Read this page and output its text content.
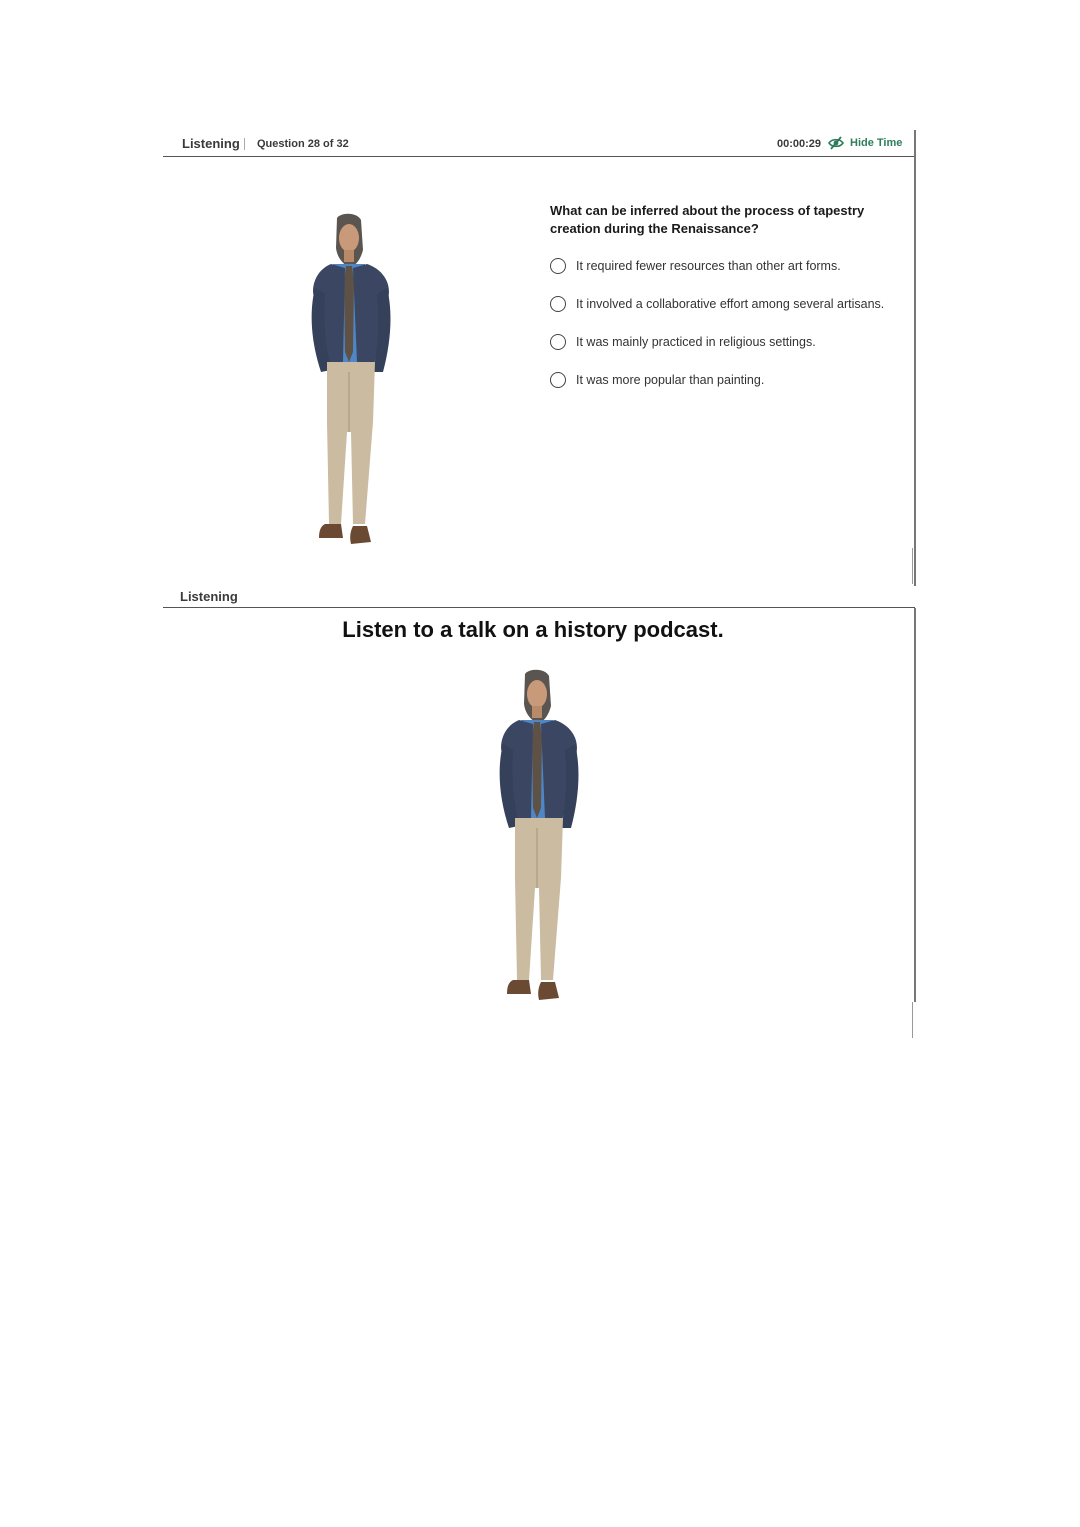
Listening Question 28 of 32	00:00:29	Hide Time

What can be inferred about the process of tapestry creation during the Renaissance?

It required fewer resources than other art forms.
It involved a collaborative effort among several artisans.
It was mainly practiced in religious settings.
It was more popular than painting.
Listening
Listen to a talk on a history podcast.
